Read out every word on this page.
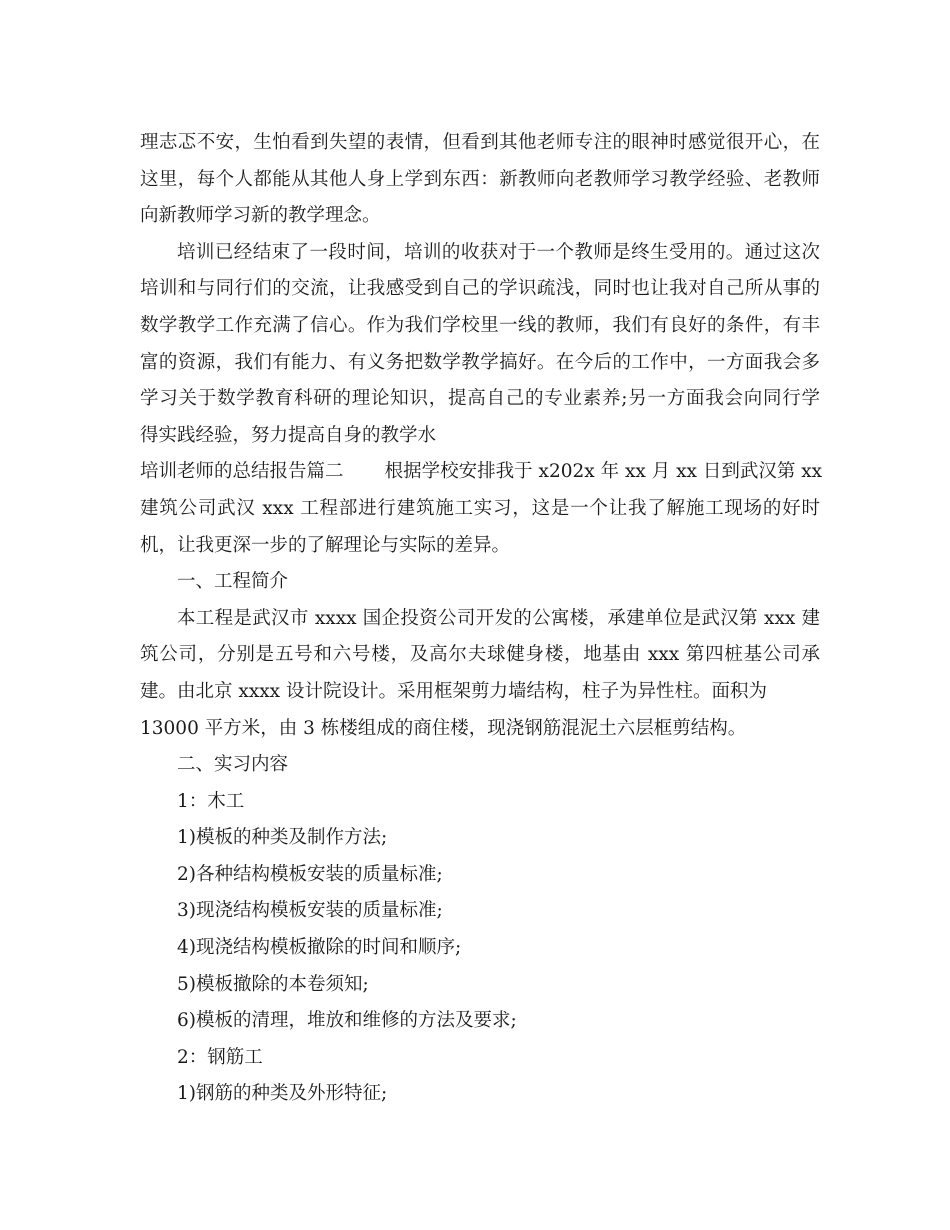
理志忑不安，生怕看到失望的表情，但看到其他老师专注的眼神时感觉很开心，在
这里，每个人都能从其他人身上学到东西：新教师向老教师学习教学经验、老教师
向新教师学习新的教学理念。
培训已经结束了一段时间，培训的收获对于一个教师是终生受用的。通过这次
培训和与同行们的交流，让我感受到自己的学识疏浅，同时也让我对自己所从事的
数学教学工作充满了信心。作为我们学校里一线的教师，我们有良好的条件，有丰
富的资源，我们有能力、有义务把数学教学搞好。在今后的工作中，一方面我会多
学习关于数学教育科研的理论知识，提高自己的专业素养;另一方面我会向同行学
得实践经验，努力提高自身的教学水
培训老师的总结报告篇二       根据学校安排我于 x202x 年 xx 月 xx 日到武汉第 xx
建筑公司武汉 xxx 工程部进行建筑施工实习，这是一个让我了解施工现场的好时
机，让我更深一步的了解理论与实际的差异。
一、工程简介
本工程是武汉市 xxxx 国企投资公司开发的公寓楼，承建单位是武汉第 xxx 建
筑公司，分别是五号和六号楼，及高尔夫球健身楼，地基由 xxx 第四桩基公司承
建。由北京 xxxx 设计院设计。采用框架剪力墙结构，柱子为异性柱。面积为
13000 平方米，由 3 栋楼组成的商住楼，现浇钢筋混泥土六层框剪结构。
二、实习内容
1：木工
1)模板的种类及制作方法;
2)各种结构模板安装的质量标准;
3)现浇结构模板安装的质量标准;
4)现浇结构模板撤除的时间和顺序;
5)模板撤除的本卷须知;
6)模板的清理，堆放和维修的方法及要求;
2：钢筋工
1)钢筋的种类及外形特征;
